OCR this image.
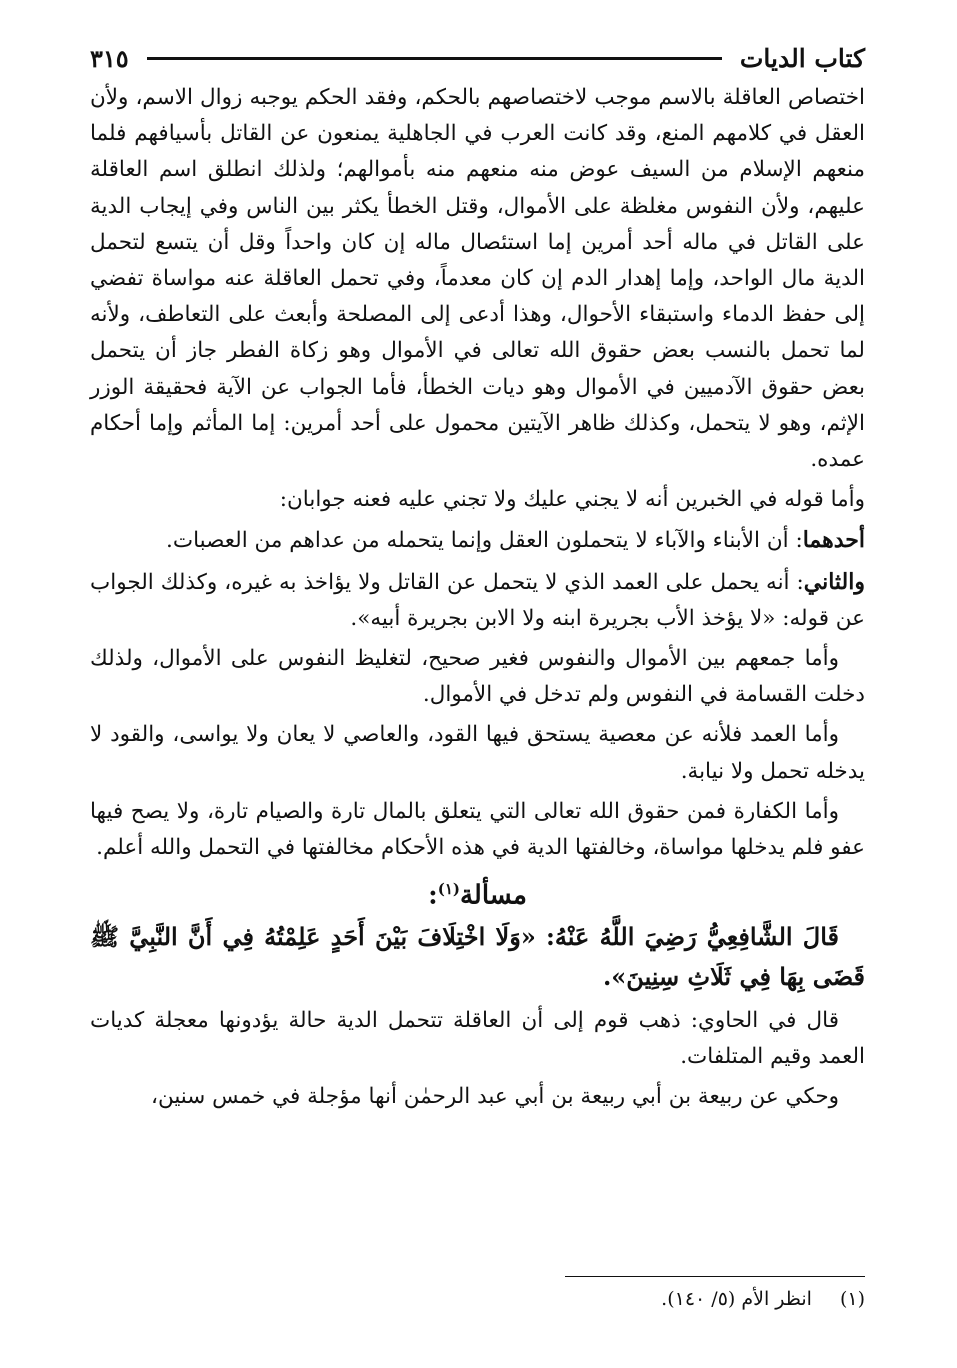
كتاب الديات
٣١٥

اختصاص العاقلة بالاسم موجب لاختصاصهم بالحكم، وفقد الحكم يوجبه زوال الاسم، ولأن العقل في كلامهم المنع، وقد كانت العرب في الجاهلية يمنعون عن القاتل بأسيافهم فلما منعهم الإسلام من السيف عوض منه منعهم منه بأموالهم؛ ولذلك انطلق اسم العاقلة عليهم، ولأن النفوس مغلظة على الأموال، وقتل الخطأ يكثر بين الناس وفي إيجاب الدية على القاتل في ماله أحد أمرين إما استئصال ماله إن كان واحداً وقل أن يتسع لتحمل الدية مال الواحد، وإما إهدار الدم إن كان معدماً، وفي تحمل العاقلة عنه مواساة تفضي إلى حفظ الدماء واستبقاء الأحوال، وهذا أدعى إلى المصلحة وأبعث على التعاطف، ولأنه لما تحمل بالنسب بعض حقوق الله تعالى في الأموال وهو زكاة الفطر جاز أن يتحمل بعض حقوق الآدميين في الأموال وهو ديات الخطأ، فأما الجواب عن الآية فحقيقة الوزر الإثم، وهو لا يتحمل، وكذلك ظاهر الآيتين محمول على أحد أمرين: إما المأثم وإما أحكام عمده.

وأما قوله في الخبرين أنه لا يجني عليك ولا تجني عليه فعنه جوابان:

أحدهما: أن الأبناء والآباء لا يتحملون العقل وإنما يتحمله من عداهم من العصبات.

والثاني: أنه يحمل على العمد الذي لا يتحمل عن القاتل ولا يؤاخذ به غيره، وكذلك الجواب عن قوله: «لا يؤخذ الأب بجريرة ابنه ولا الابن بجريرة أبيه».

وأما جمعهم بين الأموال والنفوس فغير صحيح، لتغليظ النفوس على الأموال، ولذلك دخلت القسامة في النفوس ولم تدخل في الأموال.

وأما العمد فلأنه عن معصية يستحق فيها القود، والعاصي لا يعان ولا يواسى، والقود لا يدخله تحمل ولا نيابة.

وأما الكفارة فمن حقوق الله تعالى التي يتعلق بالمال تارة والصيام تارة، ولا يصح فيها عفو فلم يدخلها مواساة، وخالفتها الدية في هذه الأحكام مخالفتها في التحمل والله أعلم.

مسألة$^{(١)}$:

قَالَ الشَّافِعِيُّ رَضِيَ اللَّهُ عَنْهُ: «وَلَا اخْتِلَافَ بَيْنَ أَحَدٍ عَلِمْتُهُ فِي أَنَّ النَّبِيَّ ﷺ قَضَى بِهَا فِي ثَلَاثِ سِنِينَ».

قال في الحاوي: ذهب قوم إلى أن العاقلة تتحمل الدية حالة يؤدونها معجلة كديات العمد وقيم المتلفات.

وحكي عن ربيعة بن أبي ربيعة بن أبي عبد الرحمٰن أنها مؤجلة في خمس سنين،

(١)انظر الأم (٥/ ١٤٠).
